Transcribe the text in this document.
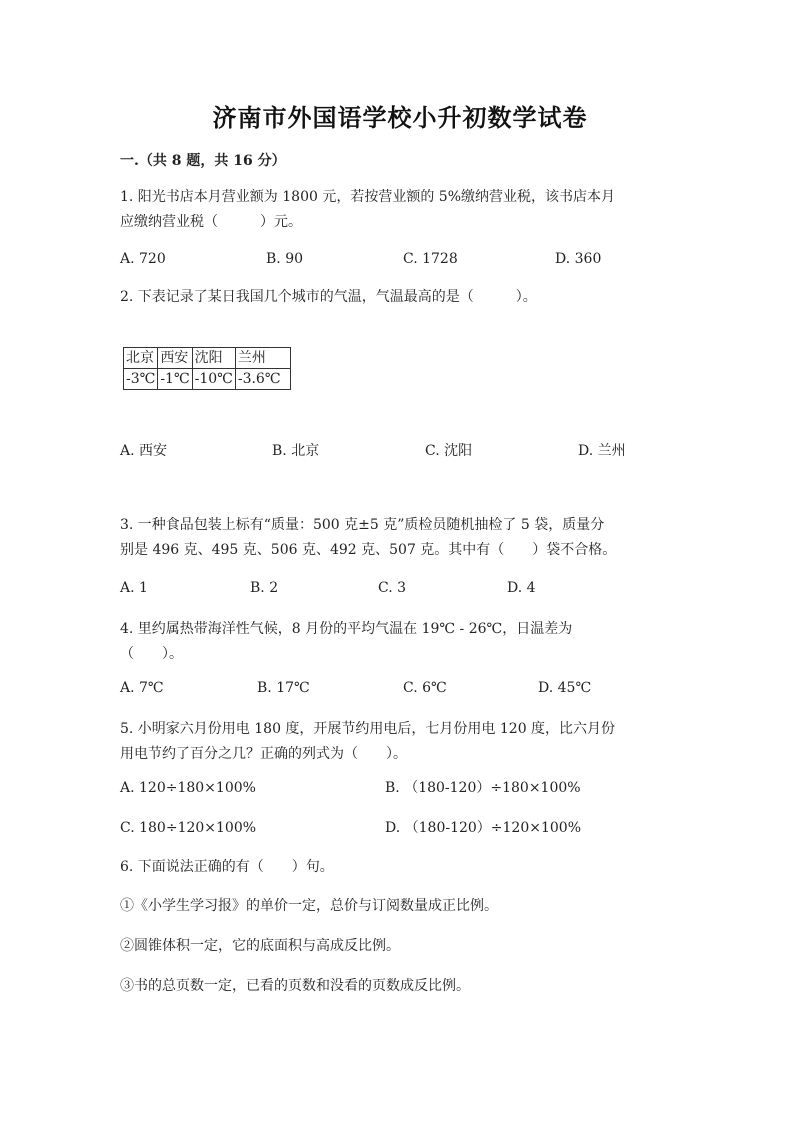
济南市外国语学校小升初数学试卷
一.（共 8 题，共 16 分）
1. 阳光书店本月营业额为 1800 元，若按营业额的 5%缴纳营业税，该书店本月
应缴纳营业税（　　　）元。
A. 720	B. 90	C. 1728	D. 360
2. 下表记录了某日我国几个城市的气温，气温最高的是（　　　）。
北京	西安	沈阳	兰州
-3℃	-1℃	-10℃	-3.6℃
A. 西安	B. 北京	C. 沈阳	D. 兰州
3. 一种食品包装上标有“质量：500 克±5 克”质检员随机抽检了 5 袋，质量分
别是 496 克、495 克、506 克、492 克、507 克。其中有（　　）袋不合格。
A. 1	B. 2	C. 3	D. 4
4. 里约属热带海洋性气候，8 月份的平均气温在 19℃ - 26℃，日温差为
（　　）。
A. 7℃	B. 17℃	C. 6℃	D. 45℃
5. 小明家六月份用电 180 度，开展节约用电后，七月份用电 120 度，比六月份
用电节约了百分之几？正确的列式为（　　）。
A. 120÷180×100%	B. （180-120）÷180×100%
C. 180÷120×100%	D. （180-120）÷120×100%
6. 下面说法正确的有（　　）句。
①《小学生学习报》的单价一定，总价与订阅数量成正比例。
②圆锥体积一定，它的底面积与高成反比例。
③书的总页数一定，已看的页数和没看的页数成反比例。
